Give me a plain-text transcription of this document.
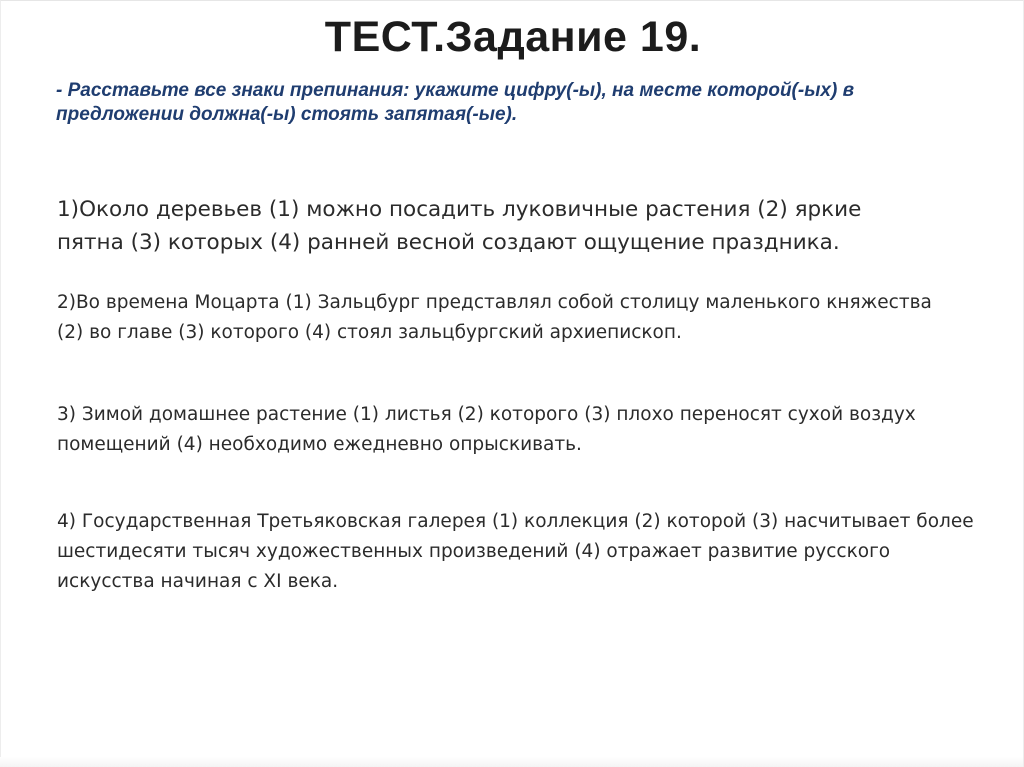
ТЕСТ.Задание 19.

- Расставьте все знаки препинания: укажите цифру(-ы), на месте которой(-ых) в предложении должна(-ы) стоять запятая(-ые).

1)Около деревьев (1) можно посадить луковичные растения (2) яркие пятна (3) которых (4) ранней весной создают ощущение праздника.

2)Во времена Моцарта (1) Зальцбург представлял собой столицу маленького княжества (2) во главе (3) которого (4) стоял зальцбургский архиепископ.

3) Зимой домашнее растение (1) листья (2) которого (3) плохо переносят сухой воздух помещений (4) необходимо ежедневно опрыскивать.

4) Государственная Третьяковская галерея (1) коллекция (2) которой (3) насчитывает более шестидесяти тысяч художественных произведений (4) отражает развитие русского искусства начиная с XI века.
